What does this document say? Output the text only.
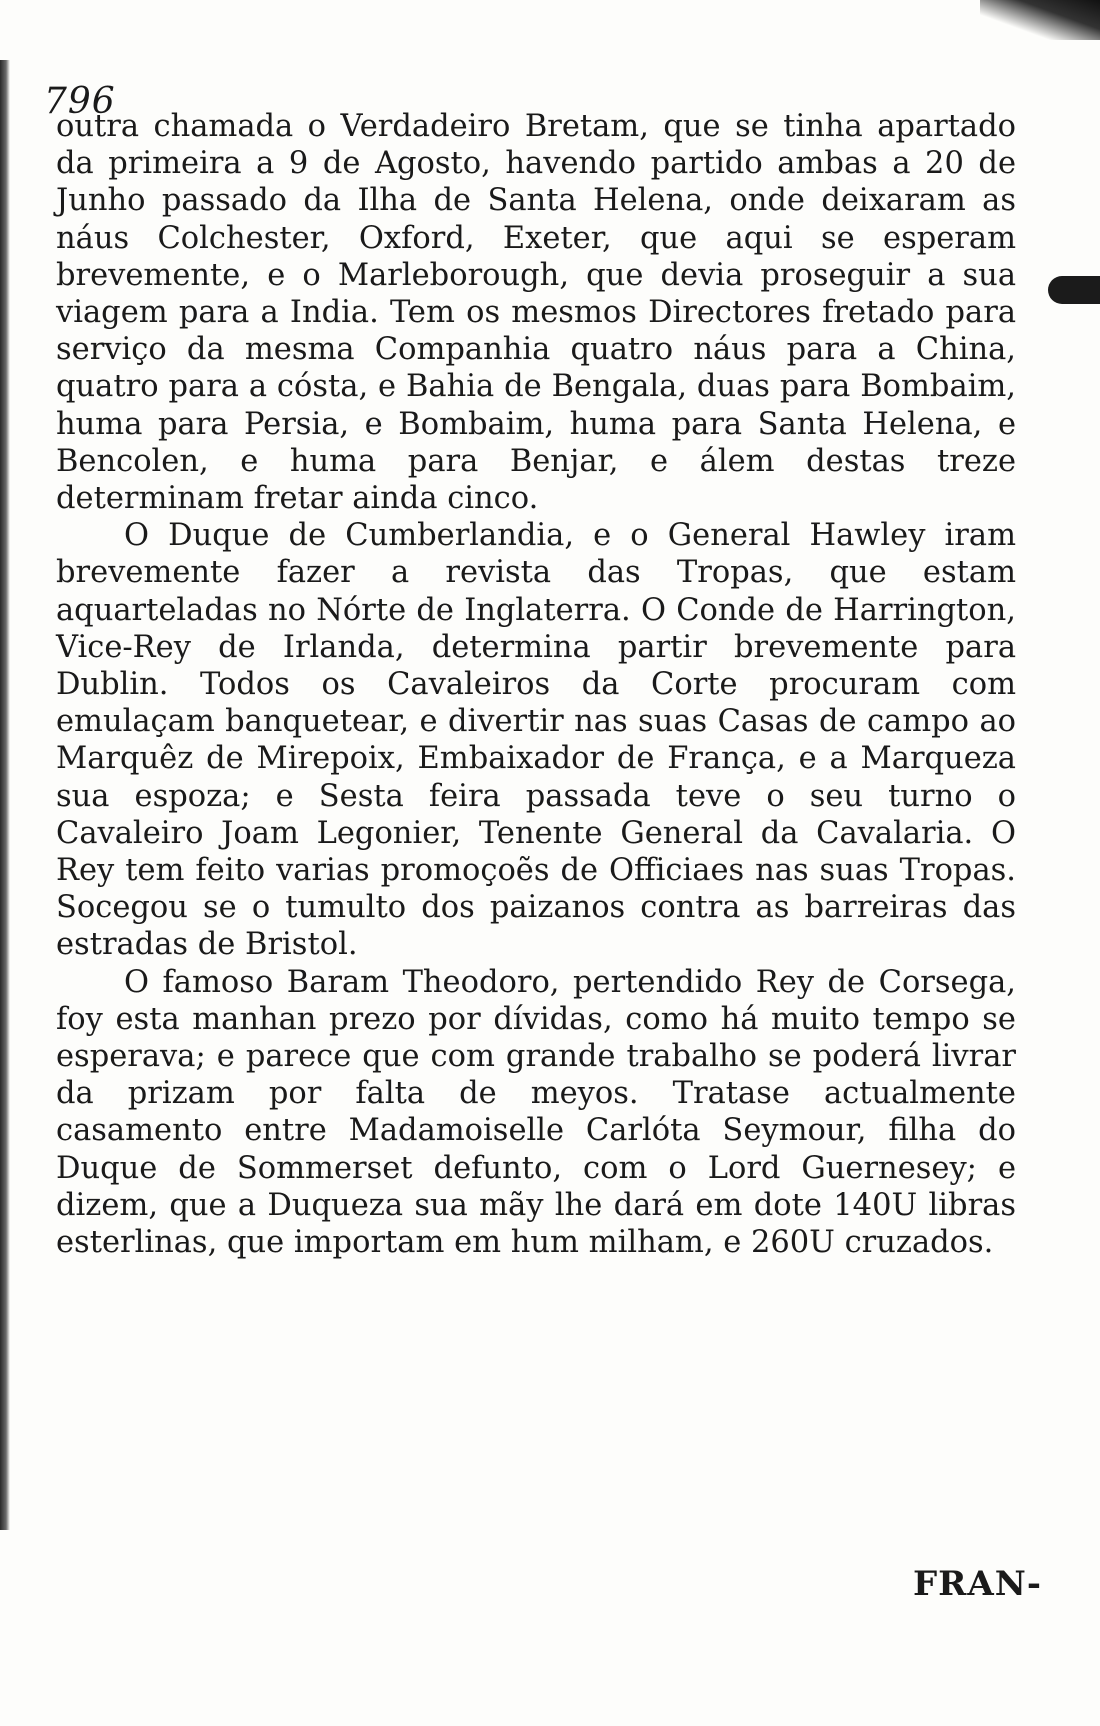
796

outra chamada o Verdadeiro Bretam, que se tinha apartado da primeira a 9 de Agosto, havendo partido ambas a 20 de Junho passado da Ilha de Santa Helena, onde deixaram as náus Colchester, Oxford, Exeter, que aqui se esperam brevemente, e o Marleborough, que devia proseguir a sua viagem para a India. Tem os mesmos Directores fretado para serviço da mesma Companhia quatro náus para a China, quatro para a cósta, e Bahia de Bengala, duas para Bombaim, huma para Persia, e Bombaim, huma para Santa Helena, e Bencolen, e huma para Benjar, e álem destas treze determinam fretar ainda cinco.

O Duque de Cumberlandia, e o General Hawley iram brevemente fazer a revista das Tropas, que estam aquarteladas no Nórte de Inglaterra. O Conde de Harrington, Vice-Rey de Irlanda, determina partir brevemente para Dublin. Todos os Cavaleiros da Corte procuram com emulaçam banquetear, e divertir nas suas Casas de campo ao Marquêz de Mirepoix, Embaixador de França, e a Marqueza sua espoza; e Sesta feira passada teve o seu turno o Cavaleiro Joam Legonier, Tenente General da Cavalaria. O Rey tem feito varias promoçoẽs de Officiaes nas suas Tropas. Socegou se o tumulto dos paizanos contra as barreiras das estradas de Bristol.

O famoso Baram Theodoro, pertendido Rey de Corsega, foy esta manhan prezo por dívidas, como há muito tempo se esperava; e parece que com grande trabalho se poderá livrar da prizam por falta de meyos. Tratase actualmente casamento entre Madamoiselle Carlóta Seymour, filha do Duque de Sommerset defunto, com o Lord Guernesey; e dizem, que a Duqueza sua mãy lhe dará em dote 140U libras esterlinas, que importam em hum milham, e 260U cruzados.

FRAN-
